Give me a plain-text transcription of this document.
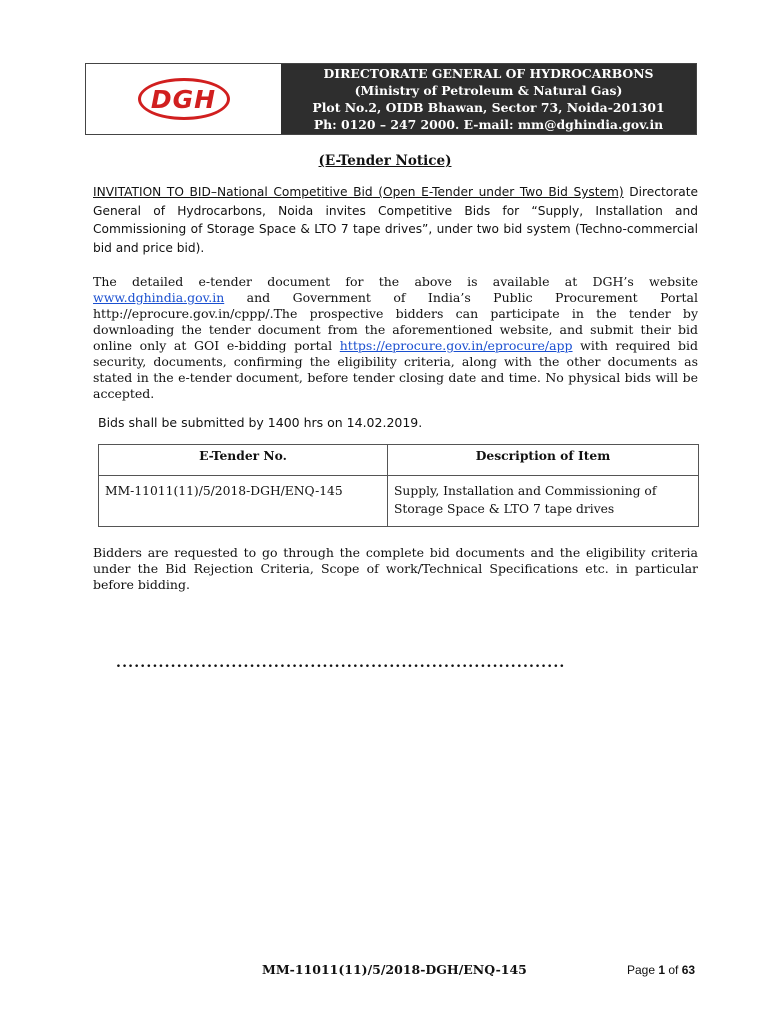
DGH
DIRECTORATE GENERAL OF HYDROCARBONS
(Ministry of Petroleum & Natural Gas)
Plot No.2, OIDB Bhawan, Sector 73, Noida-201301
Ph: 0120 – 247 2000. E-mail: mm@dghindia.gov.in
(E-Tender Notice)
INVITATION TO BID–National Competitive Bid (Open E-Tender under Two Bid System) Directorate General of Hydrocarbons, Noida invites Competitive Bids for “Supply, Installation and Commissioning of Storage Space & LTO 7 tape drives”, under two bid system (Techno-commercial bid and price bid).
The detailed e-tender document for the above is available at DGH’s website www.dghindia.gov.in and Government of India’s Public Procurement Portal http://eprocure.gov.in/cppp/.The prospective bidders can participate in the tender by downloading the tender document from the aforementioned website, and submit their bid online only at GOI e-bidding portal https://eprocure.gov.in/eprocure/app with required bid security, documents, confirming the eligibility criteria, along with the other documents as stated in the e-tender document, before tender closing date and time. No physical bids will be accepted.
Bids shall be submitted by 1400 hrs on 14.02.2019.
E-Tender No.	Description of Item
MM-11011(11)/5/2018-DGH/ENQ-145	Supply, Installation and Commissioning of Storage Space & LTO 7 tape drives
Bidders are requested to go through the complete bid documents and the eligibility criteria under the Bid Rejection Criteria, Scope of work/Technical Specifications etc. in particular before bidding.
..........................................................................
MM-11011(11)/5/2018-DGH/ENQ-145	Page 1 of 63
